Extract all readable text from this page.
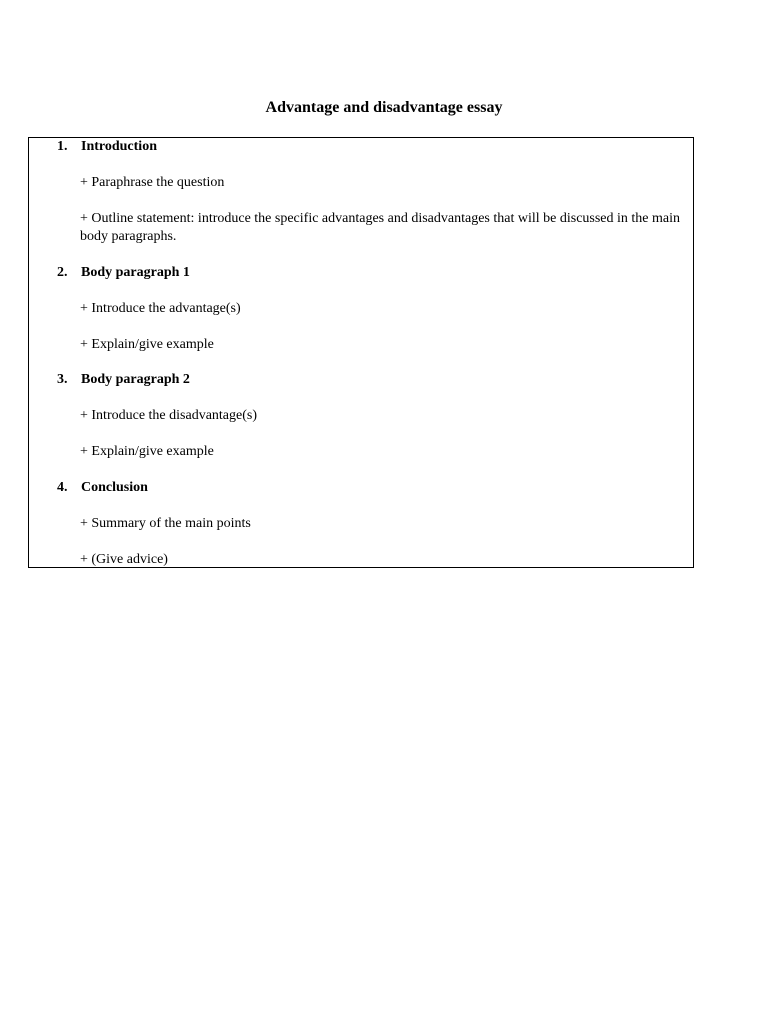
Advantage and disadvantage essay
1. Introduction
+ Paraphrase the question
+ Outline statement: introduce the specific advantages and disadvantages that will be discussed in the main body paragraphs.
2. Body paragraph 1
+ Introduce the advantage(s)
+ Explain/give example
3. Body paragraph 2
+ Introduce the disadvantage(s)
+ Explain/give example
4. Conclusion
+ Summary of the main points
+ (Give advice)
